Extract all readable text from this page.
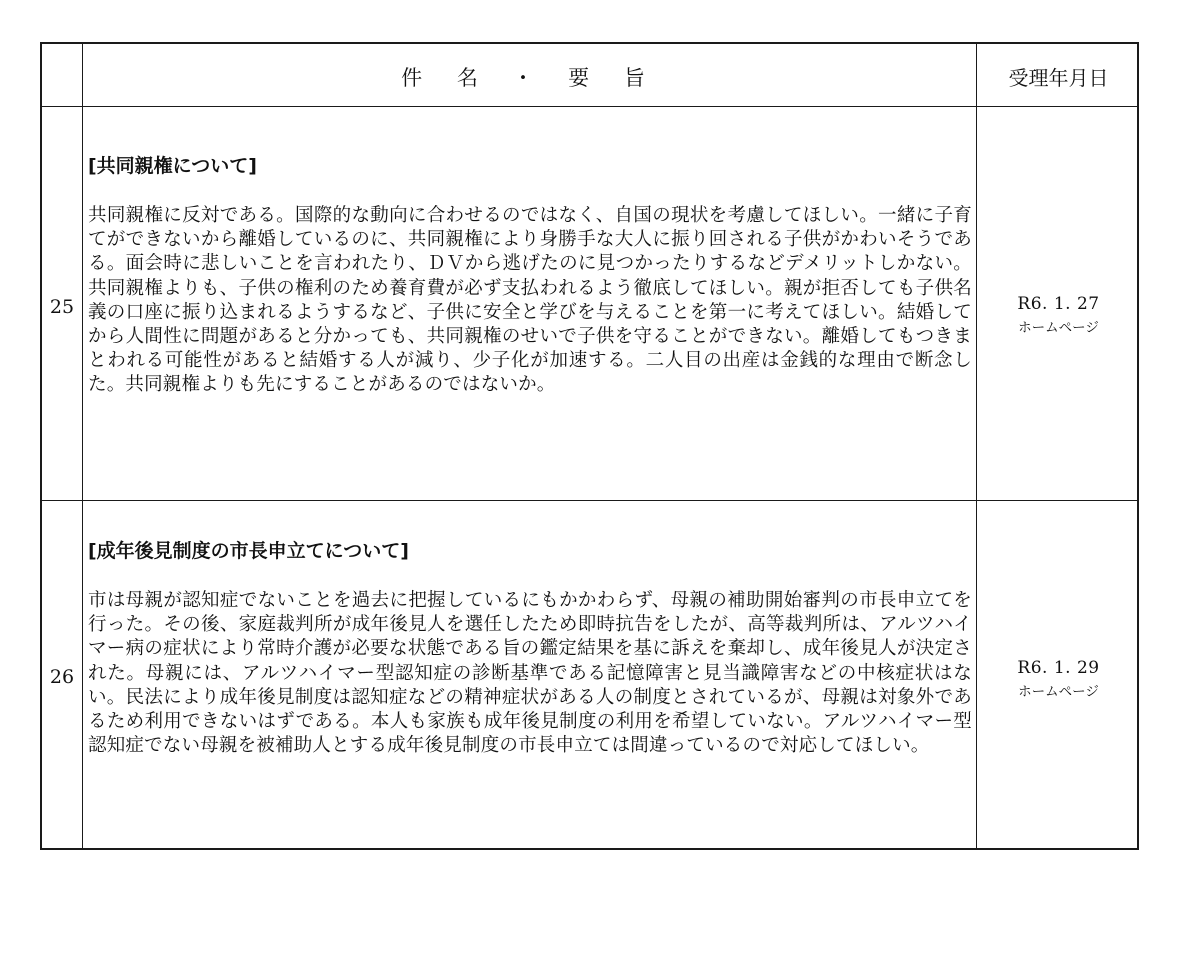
件 名 ・ 要 旨	受理年月日
25
[共同親権について]
共同親権に反対である。国際的な動向に合わせるのではなく、自国の現状を考慮してほしい。一緒に子育てができないから離婚しているのに、共同親権により身勝手な大人に振り回される子供がかわいそうである。面会時に悲しいことを言われたり、ＤＶから逃げたのに見つかったりするなどデメリットしかない。共同親権よりも、子供の権利のため養育費が必ず支払われるよう徹底してほしい。親が拒否しても子供名義の口座に振り込まれるようするなど、子供に安全と学びを与えることを第一に考えてほしい。結婚してから人間性に問題があると分かっても、共同親権のせいで子供を守ることができない。離婚してもつきまとわれる可能性があると結婚する人が減り、少子化が加速する。二人目の出産は金銭的な理由で断念した。共同親権よりも先にすることがあるのではないか。
R6. 1. 27
ホームページ
26
[成年後見制度の市長申立てについて]
市は母親が認知症でないことを過去に把握しているにもかかわらず、母親の補助開始審判の市長申立てを行った。その後、家庭裁判所が成年後見人を選任したため即時抗告をしたが、高等裁判所は、アルツハイマー病の症状により常時介護が必要な状態である旨の鑑定結果を基に訴えを棄却し、成年後見人が決定された。母親には、アルツハイマー型認知症の診断基準である記憶障害と見当識障害などの中核症状はない。民法により成年後見制度は認知症などの精神症状がある人の制度とされているが、母親は対象外であるため利用できないはずである。本人も家族も成年後見制度の利用を希望していない。アルツハイマー型認知症でない母親を被補助人とする成年後見制度の市長申立ては間違っているので対応してほしい。
R6. 1. 29
ホームページ
